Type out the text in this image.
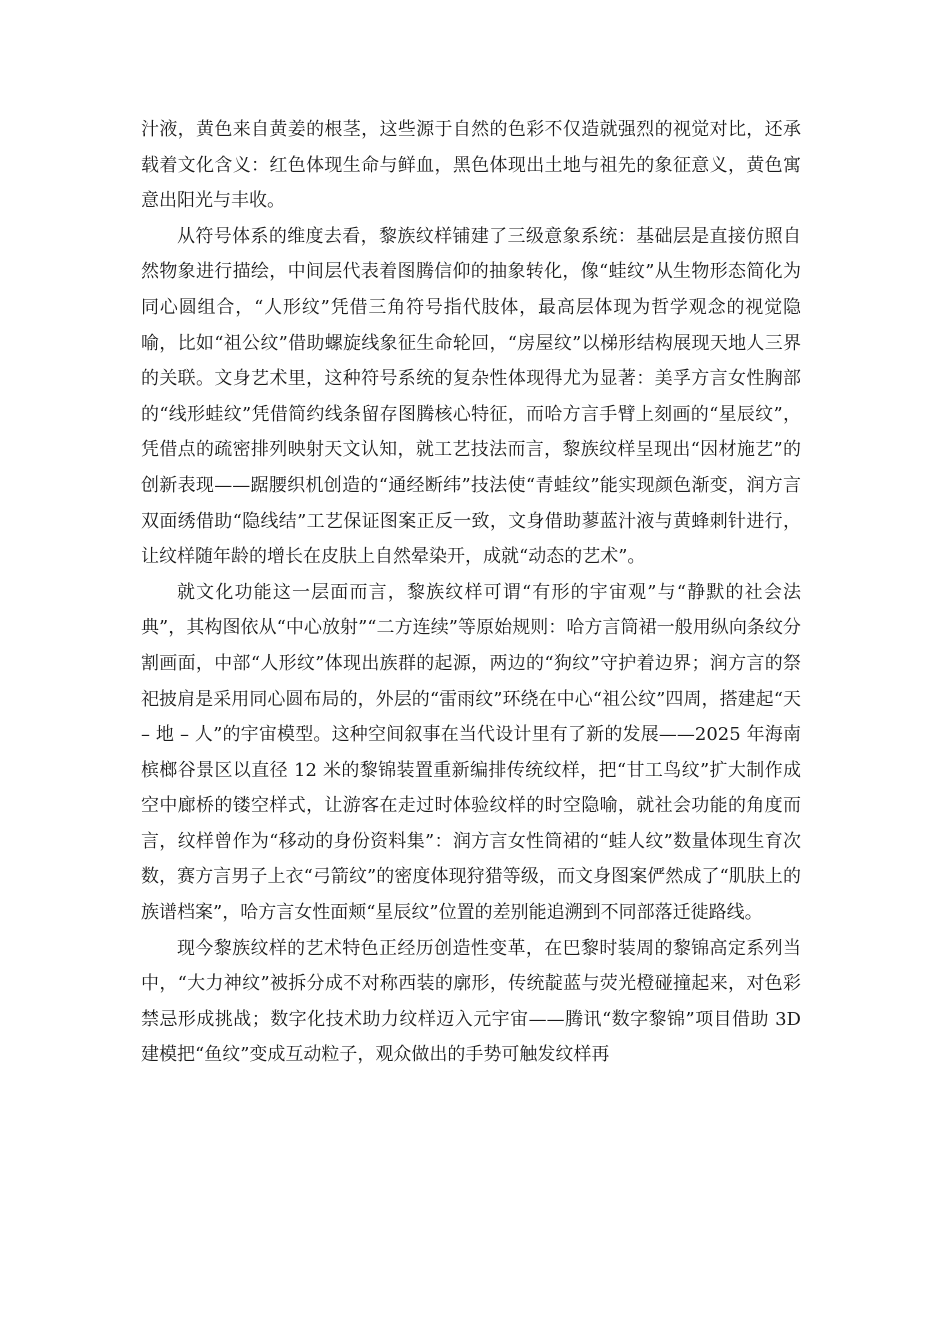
汁液，黄色来自黄姜的根茎，这些源于自然的色彩不仅造就强烈的视觉对比，还承载着文化含义：红色体现生命与鲜血，黑色体现出土地与祖先的象征意义，黄色寓意出阳光与丰收。

从符号体系的维度去看，黎族纹样铺建了三级意象系统：基础层是直接仿照自然物象进行描绘，中间层代表着图腾信仰的抽象转化，像“蛙纹”从生物形态简化为同心圆组合，“人形纹”凭借三角符号指代肢体，最高层体现为哲学观念的视觉隐喻，比如“祖公纹”借助螺旋线象征生命轮回，“房屋纹”以梯形结构展现天地人三界的关联。文身艺术里，这种符号系统的复杂性体现得尤为显著：美孚方言女性胸部的“线形蛙纹”凭借简约线条留存图腾核心特征，而哈方言手臂上刻画的“星辰纹”，凭借点的疏密排列映射天文认知，就工艺技法而言，黎族纹样呈现出“因材施艺”的创新表现——踞腰织机创造的“通经断纬”技法使“青蛙纹”能实现颜色渐变，润方言双面绣借助“隐线结”工艺保证图案正反一致，文身借助蓼蓝汁液与黄蜂刺针进行，让纹样随年龄的增长在皮肤上自然晕染开，成就“动态的艺术”。

就文化功能这一层面而言，黎族纹样可谓“有形的宇宙观”与“静默的社会法典”，其构图依从“中心放射”“二方连续”等原始规则：哈方言筒裙一般用纵向条纹分割画面，中部“人形纹”体现出族群的起源，两边的“狗纹”守护着边界；润方言的祭祀披肩是采用同心圆布局的，外层的“雷雨纹”环绕在中心“祖公纹”四周，搭建起“天 – 地 – 人”的宇宙模型。这种空间叙事在当代设计里有了新的发展——2025 年海南槟榔谷景区以直径 12 米的黎锦装置重新编排传统纹样，把“甘工鸟纹”扩大制作成空中廊桥的镂空样式，让游客在走过时体验纹样的时空隐喻，就社会功能的角度而言，纹样曾作为“移动的身份资料集”：润方言女性筒裙的“蛙人纹”数量体现生育次数，赛方言男子上衣“弓箭纹”的密度体现狩猎等级，而文身图案俨然成了“肌肤上的族谱档案”，哈方言女性面颊“星辰纹”位置的差别能追溯到不同部落迁徙路线。

现今黎族纹样的艺术特色正经历创造性变革，在巴黎时装周的黎锦高定系列当中，“大力神纹”被拆分成不对称西装的廓形，传统靛蓝与荧光橙碰撞起来，对色彩禁忌形成挑战；数字化技术助力纹样迈入元宇宙——腾讯“数字黎锦”项目借助 3D 建模把“鱼纹”变成互动粒子，观众做出的手势可触发纹样再
